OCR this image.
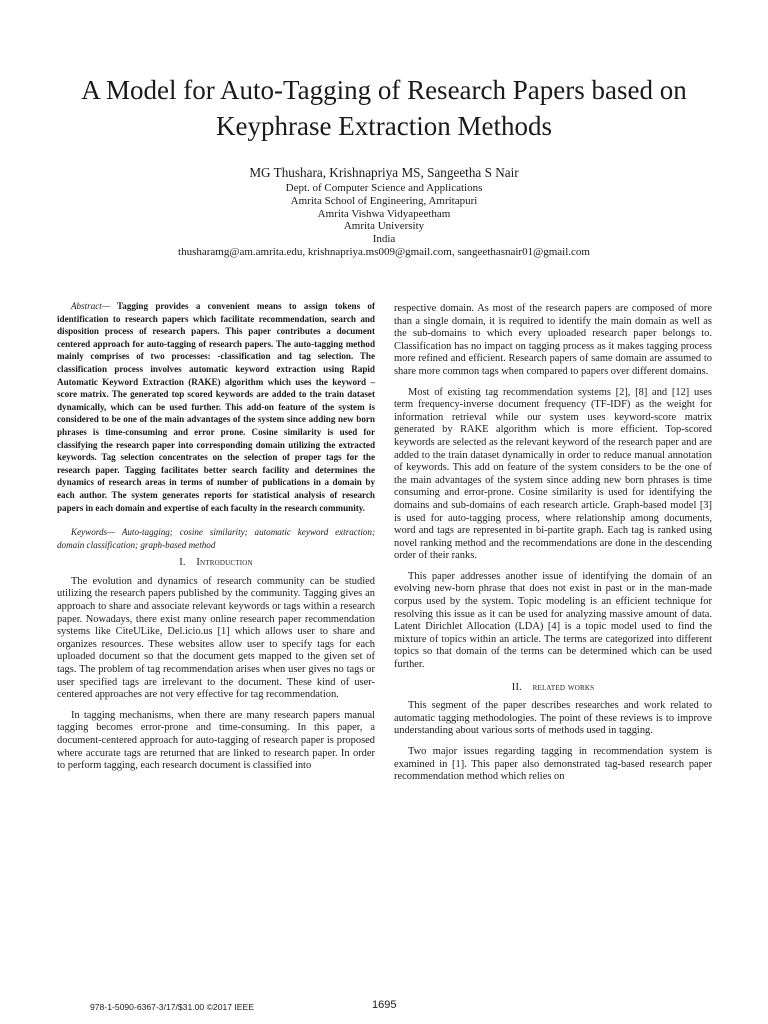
A Model for Auto-Tagging of Research Papers based on Keyphrase Extraction Methods
MG Thushara, Krishnapriya MS, Sangeetha S Nair
Dept. of Computer Science and Applications
Amrita School of Engineering, Amritapuri
Amrita Vishwa Vidyapeetham
Amrita University
India
thusharamg@am.amrita.edu, krishnapriya.ms009@gmail.com, sangeethasnair01@gmail.com

Abstract— Tagging provides a convenient means to assign tokens of identification to research papers which facilitate recommendation, search and disposition process of research papers. This paper contributes a document centered approach for auto-tagging of research papers. The auto-tagging method mainly comprises of two processes: -classification and tag selection. The classification process involves automatic keyword extraction using Rapid Automatic Keyword Extraction (RAKE) algorithm which uses the keyword – score matrix. The generated top scored keywords are added to the train dataset dynamically, which can be used further. This add-on feature of the system is considered to be one of the main advantages of the system since adding new born phrases is time-consuming and error prone. Cosine similarity is used for classifying the research paper into corresponding domain utilizing the extracted keywords. Tag selection concentrates on the selection of proper tags for the research paper. Tagging facilitates better search facility and determines the dynamics of research areas in terms of number of publications in a domain by each author. The system generates reports for statistical analysis of research papers in each domain and expertise of each faculty in the research community.

Keywords— Auto-tagging; cosine similarity; automatic keyword extraction; domain classification; graph-based method

I. Introduction

The evolution and dynamics of research community can be studied utilizing the research papers published by the community. Tagging gives an approach to share and associate relevant keywords or tags within a research paper. Nowadays, there exist many online research paper recommendation systems like CiteULike, Del.icio.us [1] which allows user to share and organizes resources. These websites allow user to specify tags for each uploaded document so that the document gets mapped to the given set of tags. The problem of tag recommendation arises when user gives no tags or user specified tags are irrelevant to the document. These kind of user-centered approaches are not very effective for tag recommendation.

In tagging mechanisms, when there are many research papers manual tagging becomes error-prone and time-consuming. In this paper, a document-centered approach for auto-tagging of research paper is proposed where accurate tags are returned that are linked to research paper. In order to perform tagging, each research document is classified into

respective domain. As most of the research papers are composed of more than a single domain, it is required to identify the main domain as well as the sub-domains to which every uploaded research paper belongs to. Classification has no impact on tagging process as it makes tagging process more refined and efficient. Research papers of same domain are assumed to share more common tags when compared to papers over different domains.

Most of existing tag recommendation systems [2], [8] and [12] uses term frequency-inverse document frequency (TF-IDF) as the weight for information retrieval while our system uses keyword-score matrix generated by RAKE algorithm which is more efficient. Top-scored keywords are selected as the relevant keyword of the research paper and are added to the train dataset dynamically in order to reduce manual annotation of keywords. This add on feature of the system considers to be the one of the main advantages of the system since adding new born phrases is time consuming and error-prone. Cosine similarity is used for identifying the domains and sub-domains of each research article. Graph-based model [3] is used for auto-tagging process, where relationship among documents, word and tags are represented in bi-partite graph. Each tag is ranked using novel ranking method and the recommendations are done in the descending order of their ranks.

This paper addresses another issue of identifying the domain of an evolving new-born phrase that does not exist in past or in the man-made corpus used by the system. Topic modeling is an efficient technique for resolving this issue as it can be used for analyzing massive amount of data. Latent Dirichlet Allocation (LDA) [4] is a topic model used to find the mixture of topics within an article. The terms are categorized into different topics so that domain of the terms can be determined which can be used further.

II. related works

This segment of the paper describes researches and work related to automatic tagging methodologies. The point of these reviews is to improve understanding about various sorts of methods used in tagging.

Two major issues regarding tagging in recommendation system is examined in [1]. This paper also demonstrated tag-based research paper recommendation method which relies on

978-1-5090-6367-3/17/$31.00 ©2017 IEEE	1695
